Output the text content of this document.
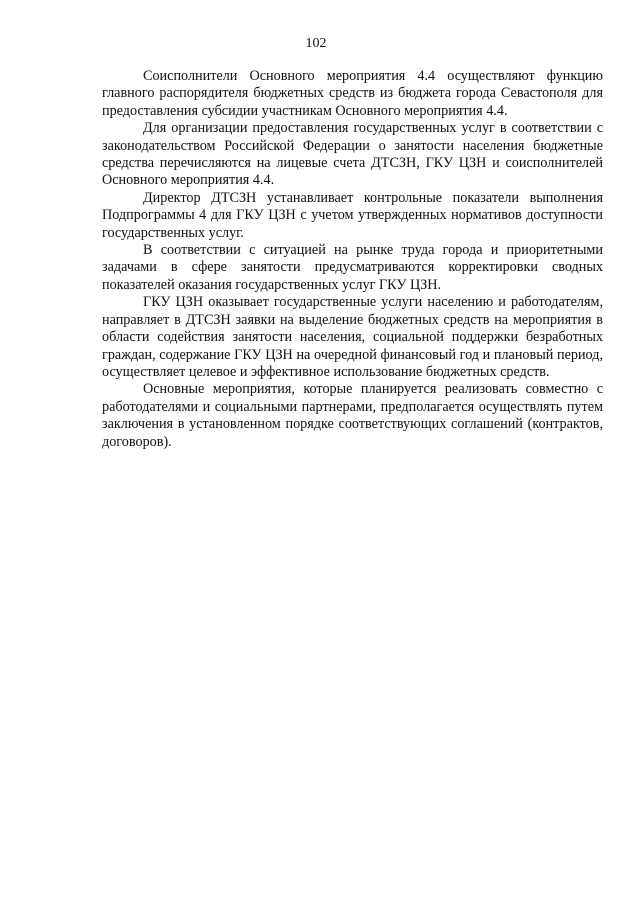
102

Соисполнители Основного мероприятия 4.4 осуществляют функцию главного распорядителя бюджетных средств из бюджета города Севастополя для предоставления субсидии участникам Основного мероприятия 4.4.

Для организации предоставления государственных услуг в соответствии с законодательством Российской Федерации о занятости населения бюджетные средства перечисляются на лицевые счета ДТСЗН, ГКУ ЦЗН и соисполнителей Основного мероприятия 4.4.

Директор ДТСЗН устанавливает контрольные показатели выполнения Подпрограммы 4 для ГКУ ЦЗН с учетом утвержденных нормативов доступности государственных услуг.

В соответствии с ситуацией на рынке труда города и приоритетными задачами в сфере занятости предусматриваются корректировки сводных показателей оказания государственных услуг ГКУ ЦЗН.

ГКУ ЦЗН оказывает государственные услуги населению и работодателям, направляет в ДТСЗН заявки на выделение бюджетных средств на мероприятия в области содействия занятости населения, социальной поддержки безработных граждан, содержание ГКУ ЦЗН на очередной финансовый год и плановый период, осуществляет целевое и эффективное использование бюджетных средств.

Основные мероприятия, которые планируется реализовать совместно с работодателями и социальными партнерами, предполагается осуществлять путем заключения в установленном порядке соответствующих соглашений (контрактов, договоров).
